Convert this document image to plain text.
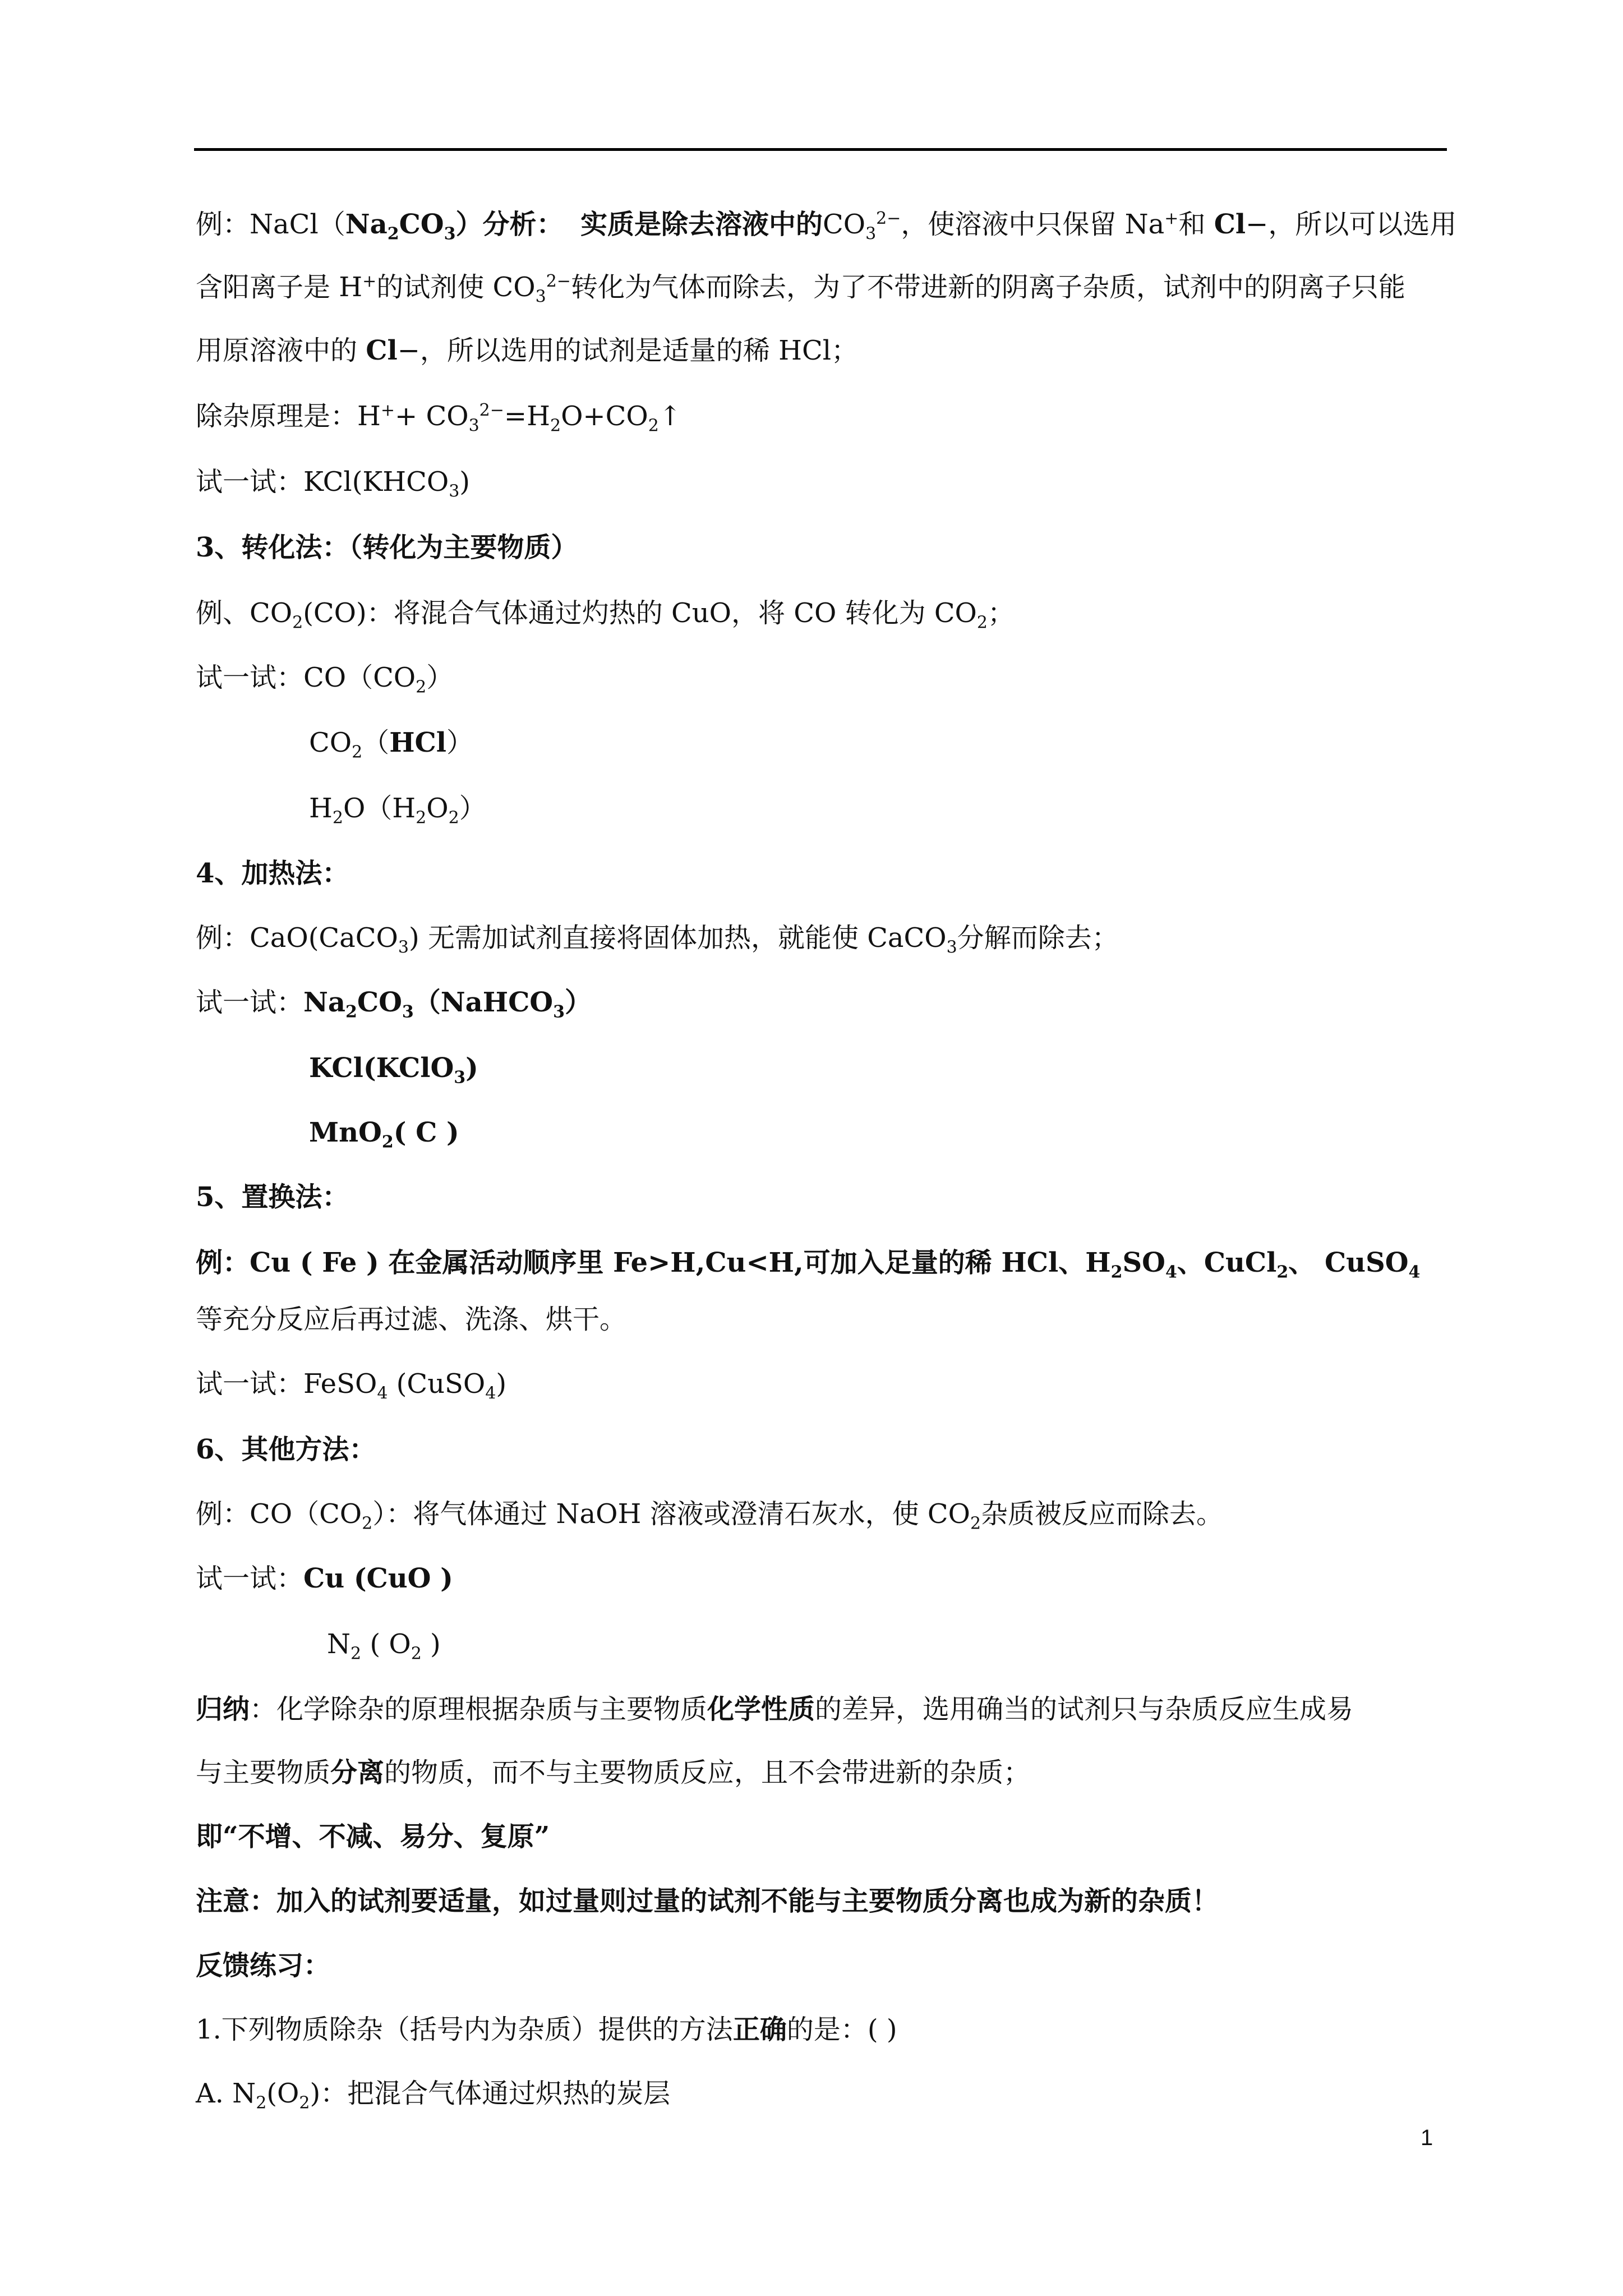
例：$NaCl(Na_2CO_3)$分析： 实质是除去溶液中的$CO_3^{2-}$，使溶液中只保留 Na+和 Cl−，所以可以选用
含阳离子是 H+的试剂使 $CO_3^{2-}$转化为气体而除去，为了不带进新的阴离子杂质，试剂中的阴离子只能
用原溶液中的 Cl−，所以选用的试剂是适量的稀 HCl；
除杂原理是：$H^++ CO_3^{2-}=H_2O+CO_2↑$
试一试：$KCl(KHCO_3)$
3、转化法：（转化为主要物质）
例、$CO_2(CO)$：将混合气体通过灼热的 CuO，将 CO 转化为 $CO_2$；
试一试：$CO(CO_2)$
$CO_2(HCl)$
$H_2O(H_2O_2)$
4、加热法：
例：CaO(CaCO$_3$) 无需加试剂直接将固体加热，就能使 CaCO$_3$分解而除去；
试一试：$Na_2CO_3(NaHCO_3)$
KCl(KClO$_3$)
MnO$_2$( C )
5、置换法：
例：Cu ( Fe ) 在金属活动顺序里 Fe>H,Cu<H,可加入足量的稀 HCl、$H_2SO_4$、CuCl$_2$、 CuSO$_4$
等充分反应后再过滤、洗涤、烘干。
试一试：FeSO$_4$ (CuSO$_4$)
6、其他方法：
例：$CO(CO_2)$：将气体通过 NaOH 溶液或澄清石灰水，使 $CO_2$杂质被反应而除去。
试一试：Cu (CuO )
$N_2$ ( $O_2$ )
归纳：化学除杂的原理根据杂质与主要物质化学性质的差异，选用确当的试剂只与杂质反应生成易
与主要物质分离的物质，而不与主要物质反应，且不会带进新的杂质；
即“不增、不减、易分、复原”
注意：加入的试剂要适量，如过量则过量的试剂不能与主要物质分离也成为新的杂质！
反馈练习：
1.下列物质除杂（括号内为杂质）提供的方法正确的是：( )
A. $N_2(O_2)$：把混合气体通过炽热的炭层
1
